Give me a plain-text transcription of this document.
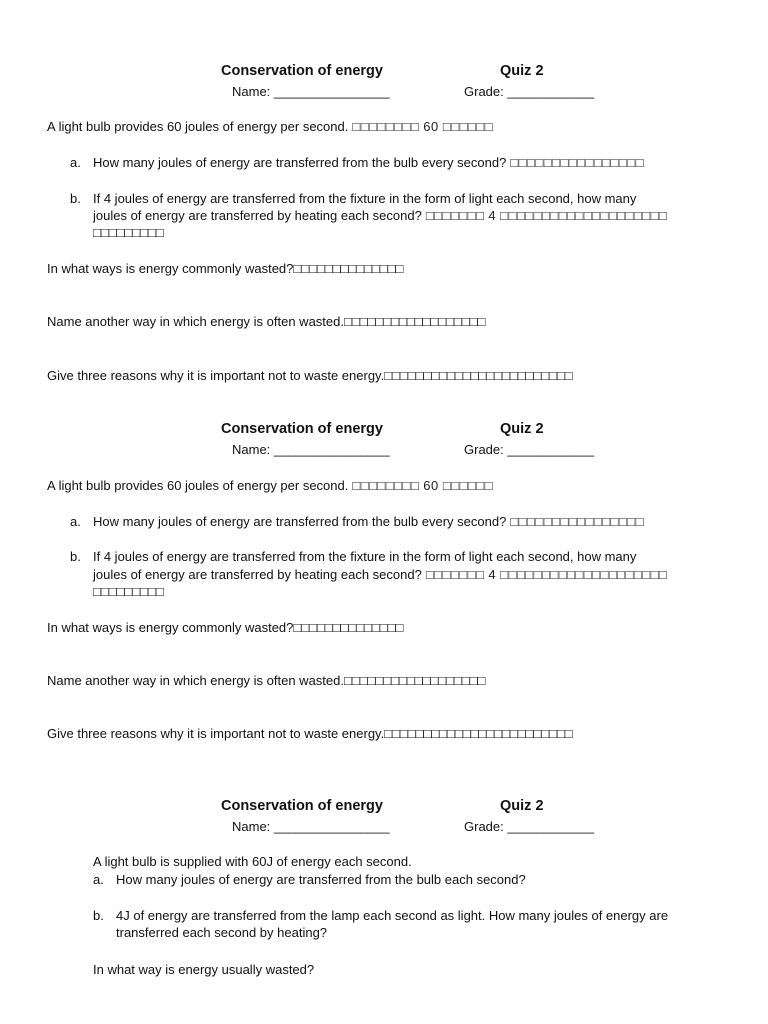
Conservation of energy	Quiz 2
Name: ________________	Grade: ____________
A light bulb provides 60 joules of energy per second. □□□□□□□□ 60 □□□□□□
a. How many joules of energy are transferred from the bulb every second? □□□□□□□□□□□□□□□□
b. If 4 joules of energy are transferred from the fixture in the form of light each second, how many
joules of energy are transferred by heating each second? □□□□□□□ 4 □□□□□□□□□□□□□□□□□□□□
□□□□□□□□□
In what ways is energy commonly wasted?□□□□□□□□□□□□□□
Name another way in which energy is often wasted.□□□□□□□□□□□□□□□□□□
Give three reasons why it is important not to waste energy.□□□□□□□□□□□□□□□□□□□□□□□□
Conservation of energy	Quiz 2
Name: ________________	Grade: ____________
A light bulb provides 60 joules of energy per second. □□□□□□□□ 60 □□□□□□
a. How many joules of energy are transferred from the bulb every second? □□□□□□□□□□□□□□□□
b. If 4 joules of energy are transferred from the fixture in the form of light each second, how many
joules of energy are transferred by heating each second? □□□□□□□ 4 □□□□□□□□□□□□□□□□□□□□
□□□□□□□□□
In what ways is energy commonly wasted?□□□□□□□□□□□□□□
Name another way in which energy is often wasted.□□□□□□□□□□□□□□□□□□
Give three reasons why it is important not to waste energy.□□□□□□□□□□□□□□□□□□□□□□□□
Conservation of energy	Quiz 2
Name: ________________	Grade: ____________
A light bulb is supplied with 60J of energy each second.
a. How many joules of energy are transferred from the bulb each second?
b. 4J of energy are transferred from the lamp each second as light. How many joules of energy are
transferred each second by heating?
In what way is energy usually wasted?
